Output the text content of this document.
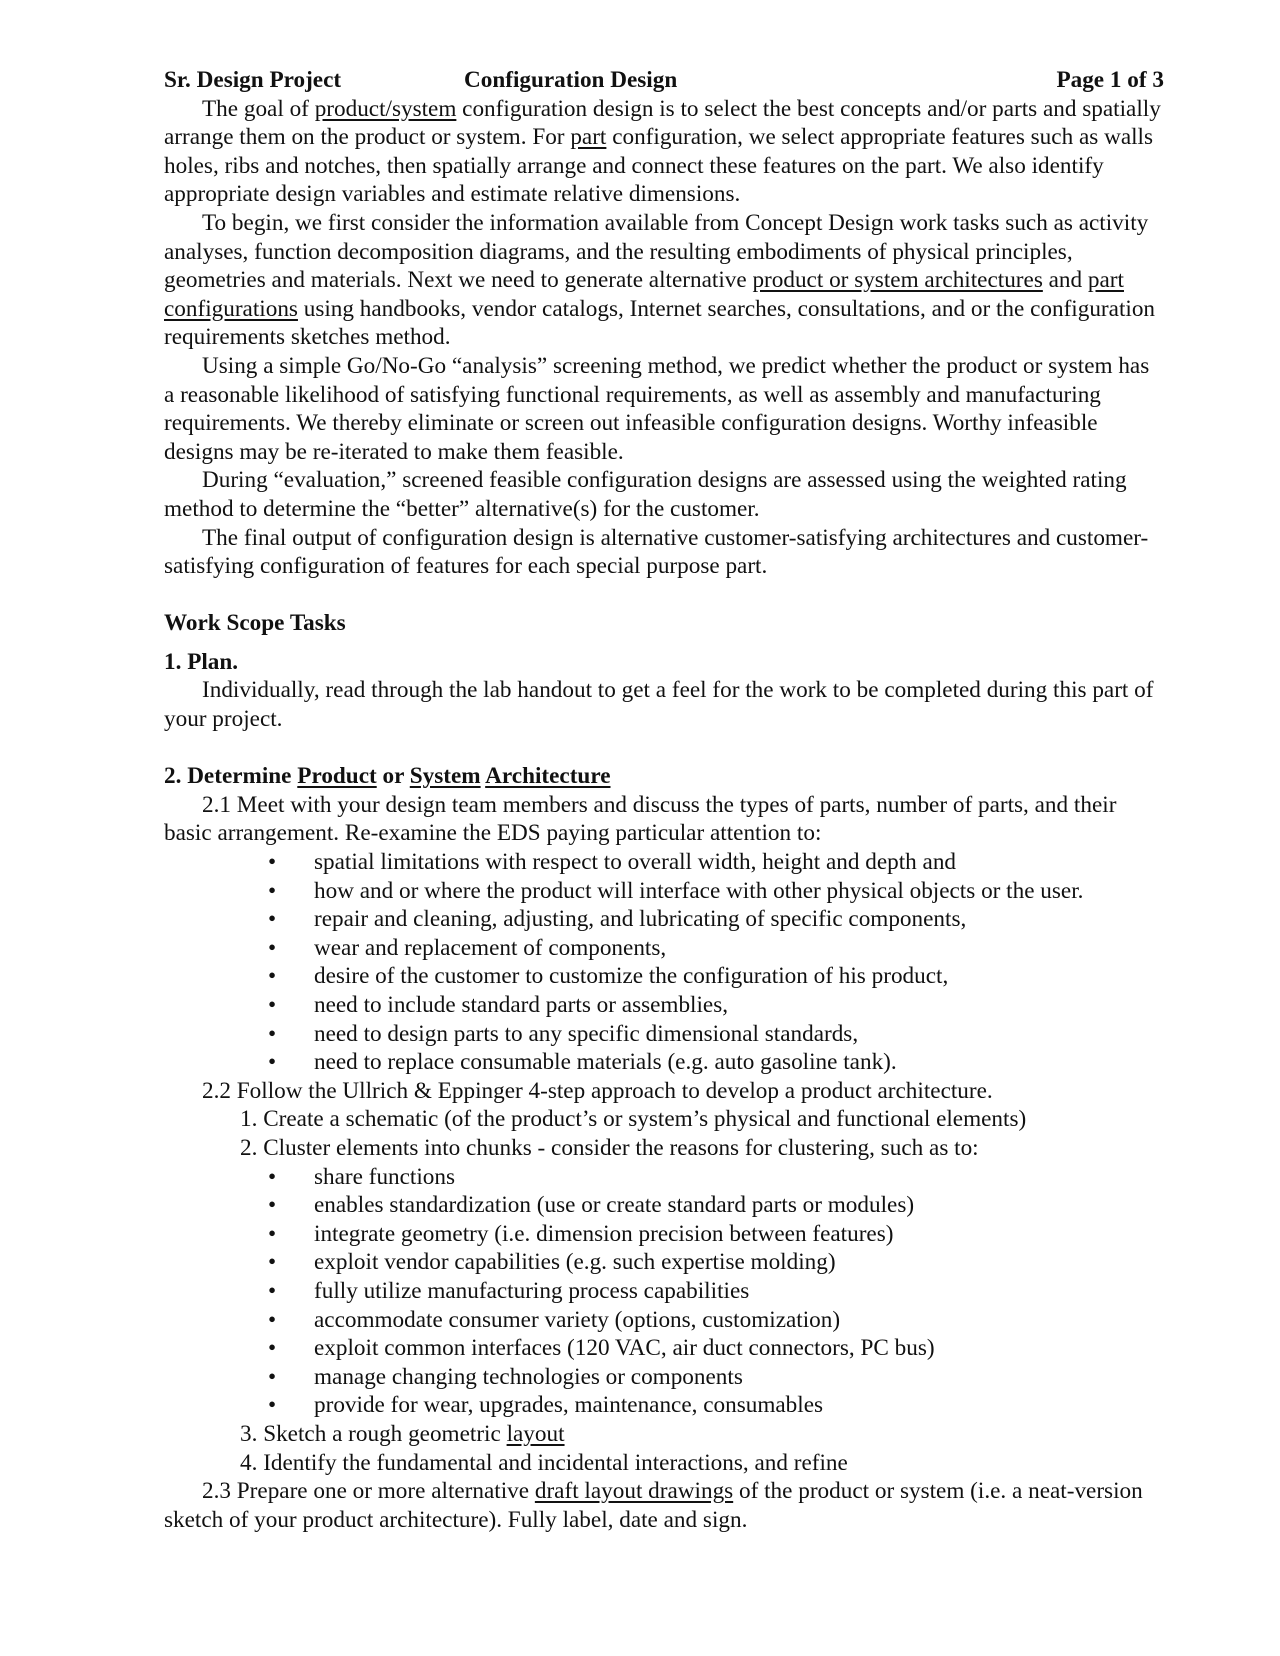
Sr. Design Project	Configuration Design	Page 1 of 3

The goal of product/system configuration design is to select the best concepts and/or parts and spatially arrange them on the product or system. For part configuration, we select appropriate features such as walls holes, ribs and notches, then spatially arrange and connect these features on the part. We also identify appropriate design variables and estimate relative dimensions.

To begin, we first consider the information available from Concept Design work tasks such as activity analyses, function decomposition diagrams, and the resulting embodiments of physical principles, geometries and materials. Next we need to generate alternative product or system architectures and part configurations using handbooks, vendor catalogs, Internet searches, consultations, and or the configuration requirements sketches method.

Using a simple Go/No-Go “analysis” screening method, we predict whether the product or system has a reasonable likelihood of satisfying functional requirements, as well as assembly and manufacturing requirements. We thereby eliminate or screen out infeasible configuration designs. Worthy infeasible designs may be re-iterated to make them feasible.

During “evaluation,” screened feasible configuration designs are assessed using the weighted rating method to determine the “better” alternative(s) for the customer.

The final output of configuration design is alternative customer-satisfying architectures and customer-satisfying configuration of features for each special purpose part.

Work Scope Tasks

1. Plan.

Individually, read through the lab handout to get a feel for the work to be completed during this part of your project.

2. Determine Product or System Architecture

2.1 Meet with your design team members and discuss the types of parts, number of parts, and their basic arrangement. Re-examine the EDS paying particular attention to:

• spatial limitations with respect to overall width, height and depth and
• how and or where the product will interface with other physical objects or the user.
• repair and cleaning, adjusting, and lubricating of specific components,
• wear and replacement of components,
• desire of the customer to customize the configuration of his product,
• need to include standard parts or assemblies,
• need to design parts to any specific dimensional standards,
• need to replace consumable materials (e.g. auto gasoline tank).

2.2 Follow the Ullrich & Eppinger 4-step approach to develop a product architecture.

1. Create a schematic (of the product’s or system’s physical and functional elements)

2. Cluster elements into chunks - consider the reasons for clustering, such as to:

• share functions
• enables standardization (use or create standard parts or modules)
• integrate geometry (i.e. dimension precision between features)
• exploit vendor capabilities (e.g. such expertise molding)
• fully utilize manufacturing process capabilities
• accommodate consumer variety (options, customization)
• exploit common interfaces (120 VAC, air duct connectors, PC bus)
• manage changing technologies or components
• provide for wear, upgrades, maintenance, consumables

3. Sketch a rough geometric layout

4. Identify the fundamental and incidental interactions, and refine

2.3 Prepare one or more alternative draft layout drawings of the product or system (i.e. a neat-version sketch of your product architecture). Fully label, date and sign.
